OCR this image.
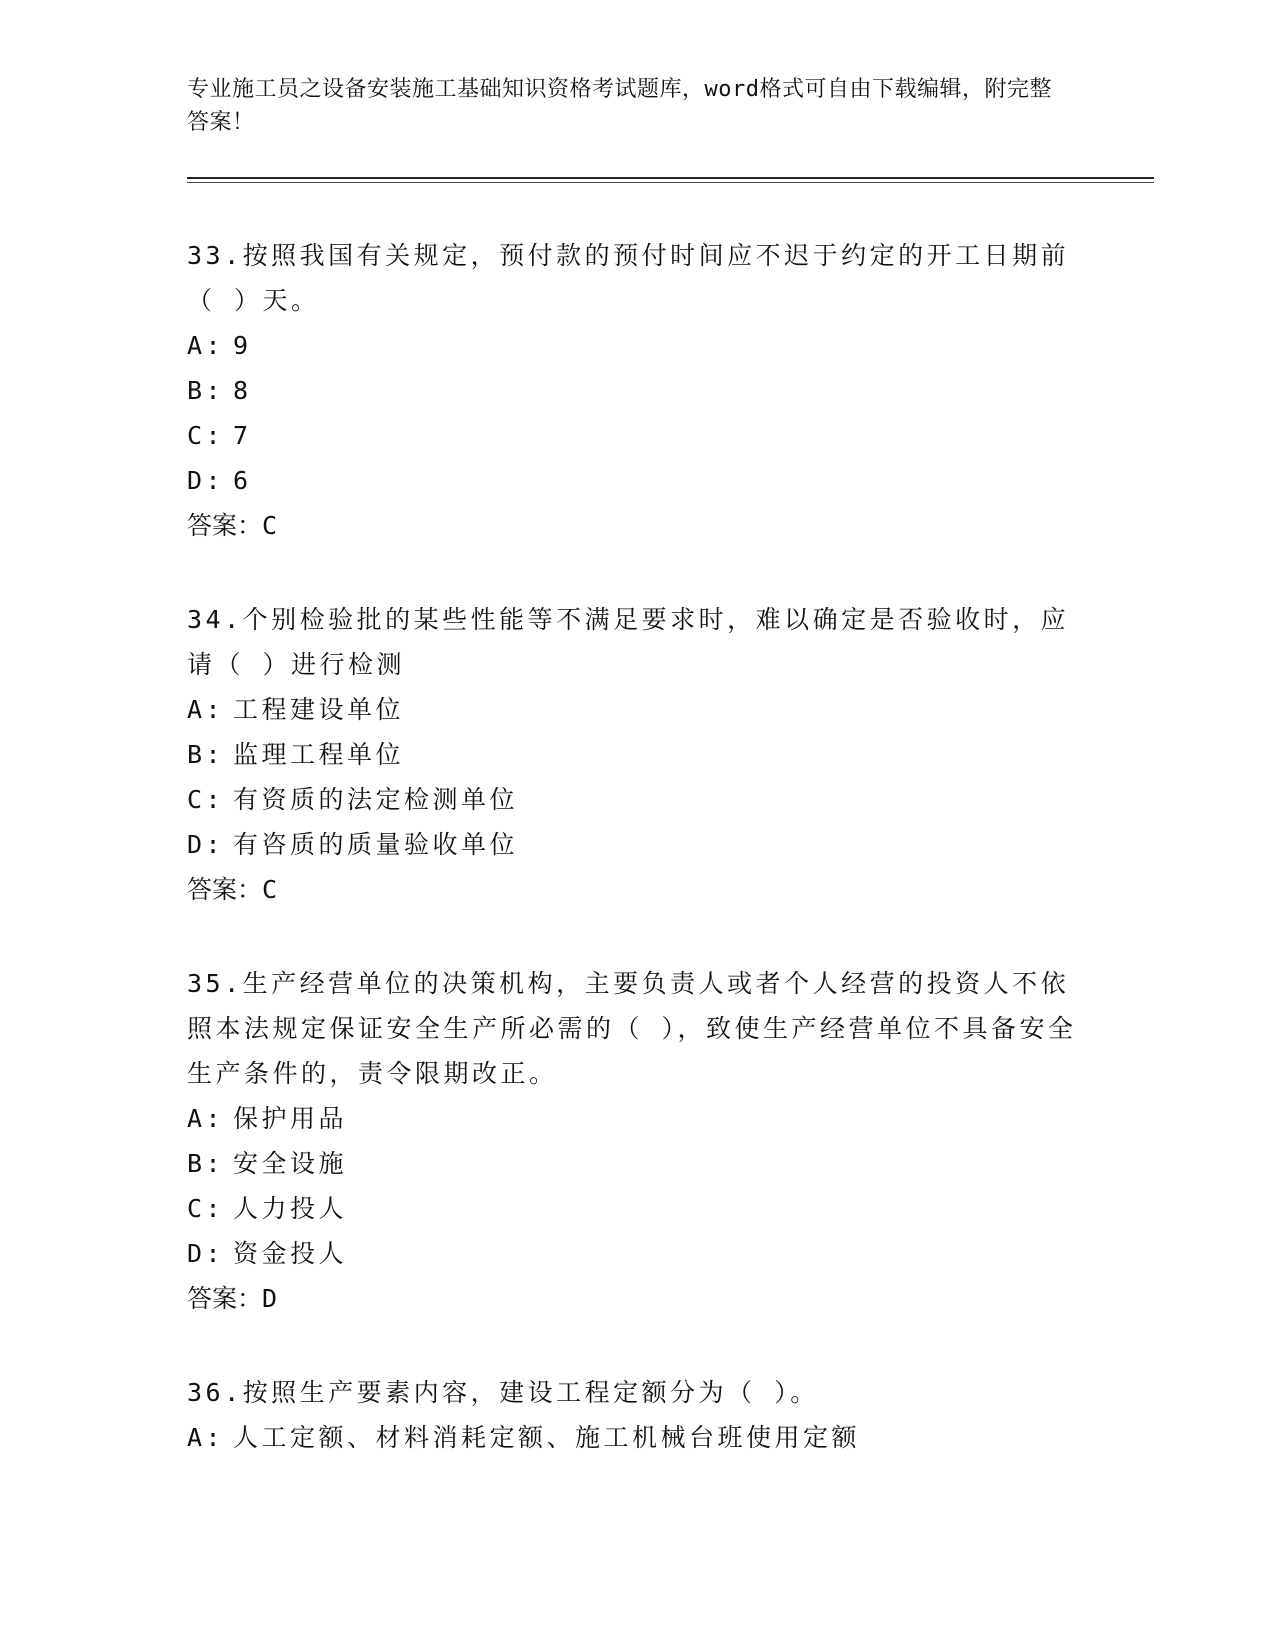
专业施工员之设备安装施工基础知识资格考试题库，word格式可自由下载编辑，附完整答案！

33.按照我国有关规定，预付款的预付时间应不迟于约定的开工日期前（ ）天。

A: 9

B: 8

C: 7

D: 6

答案：C

34.个别检验批的某些性能等不满足要求时，难以确定是否验收时，应请（ ）进行检测

A: 工程建设单位

B: 监理工程单位

C: 有资质的法定检测单位

D: 有咨质的质量验收单位

答案：C

35.生产经营单位的决策机构，主要负责人或者个人经营的投资人不依照本法规定保证安全生产所必需的（ ），致使生产经营单位不具备安全生产条件的，责令限期改正。

A: 保护用品

B: 安全设施

C: 人力投人

D: 资金投人

答案：D

36.按照生产要素内容，建设工程定额分为（ ）。

A: 人工定额、材料消耗定额、施工机械台班使用定额
